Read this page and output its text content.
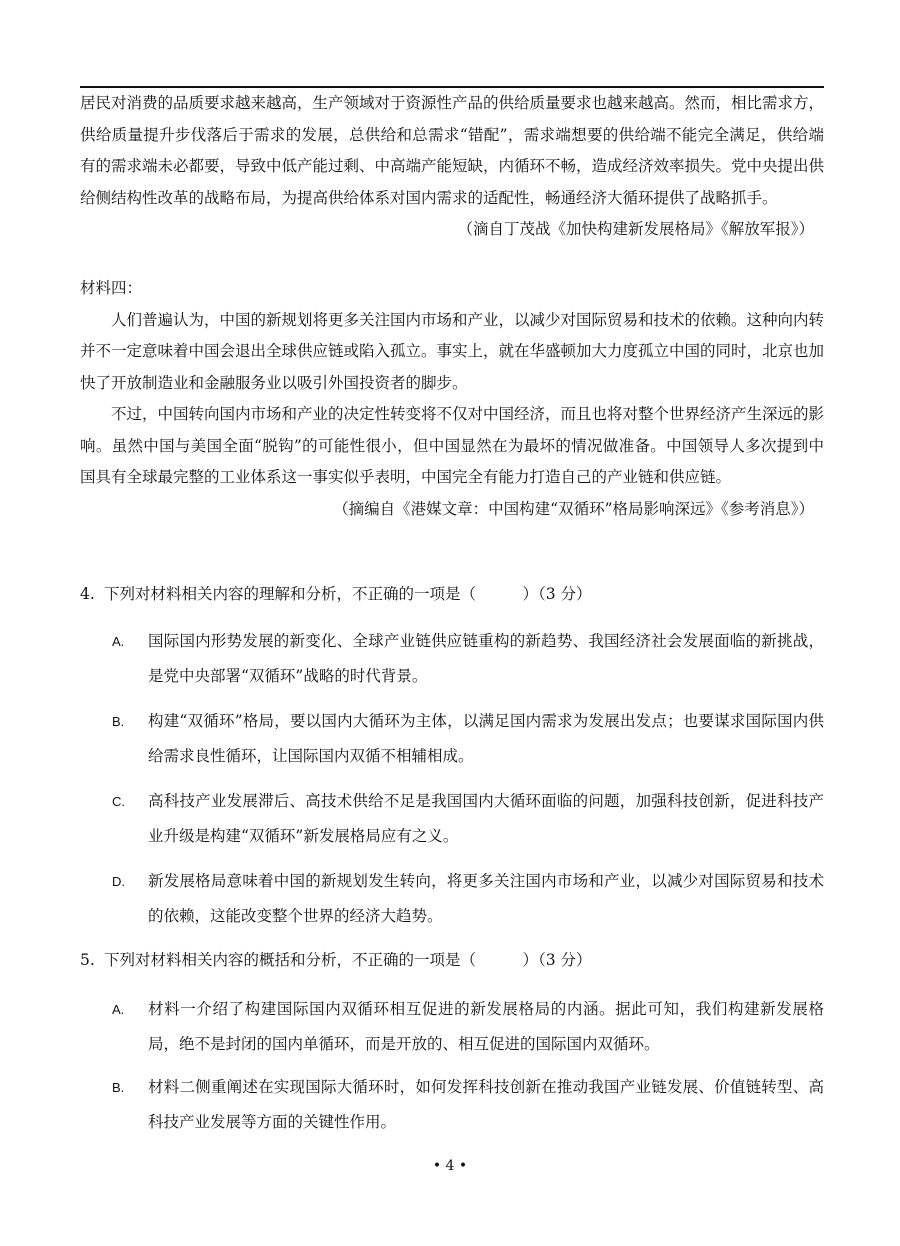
居民对消费的品质要求越来越高，生产领域对于资源性产品的供给质量要求也越来越高。然而，相比需求方，供给质量提升步伐落后于需求的发展，总供给和总需求“错配”，需求端想要的供给端不能完全满足，供给端有的需求端未必都要，导致中低产能过剩、中高端产能短缺，内循环不畅，造成经济效率损失。党中央提出供给侧结构性改革的战略布局，为提高供给体系对国内需求的适配性，畅通经济大循环提供了战略抓手。

（滴自丁茂战《加快构建新发展格局》《解放军报》）

材料四：

人们普遍认为，中国的新规划将更多关注国内市场和产业，以减少对国际贸易和技术的依赖。这种向内转并不一定意味着中国会退出全球供应链或陷入孤立。事实上，就在华盛顿加大力度孤立中国的同时，北京也加快了开放制造业和金融服务业以吸引外国投资者的脚步。

不过，中国转向国内市场和产业的决定性转变将不仅对中国经济，而且也将对整个世界经济产生深远的影响。虽然中国与美国全面“脱钩”的可能性很小，但中国显然在为最坏的情况做准备。中国领导人多次提到中国具有全球最完整的工业体系这一事实似乎表明，中国完全有能力打造自己的产业链和供应链。

（摘编自《港媒文章：中国构建“双循环”格局影响深远》《参考消息》）

4. 下列对材料相关内容的理解和分析，不正确的一项是（　　　）（3 分）
A. 国际国内形势发展的新变化、全球产业链供应链重构的新趋势、我国经济社会发展面临的新挑战，是党中央部署“双循环”战略的时代背景。
B. 构建“双循环”格局，要以国内大循环为主体，以满足国内需求为发展出发点；也要谋求国际国内供给需求良性循环，让国际国内双循不相辅相成。
C. 高科技产业发展滞后、高技术供给不足是我国国内大循环面临的问题，加强科技创新，促进科技产业升级是构建“双循环”新发展格局应有之义。
D. 新发展格局意味着中国的新规划发生转向，将更多关注国内市场和产业，以减少对国际贸易和技术的依赖，这能改变整个世界的经济大趋势。
5. 下列对材料相关内容的概括和分析，不正确的一项是（　　　）（3 分）
A. 材料一介绍了构建国际国内双循环相互促进的新发展格局的内涵。据此可知，我们构建新发展格局，绝不是封闭的国内单循环，而是开放的、相互促进的国际国内双循环。
B. 材料二侧重阐述在实现国际大循环时，如何发挥科技创新在推动我国产业链发展、价值链转型、高科技产业发展等方面的关键性作用。
• 4 •
